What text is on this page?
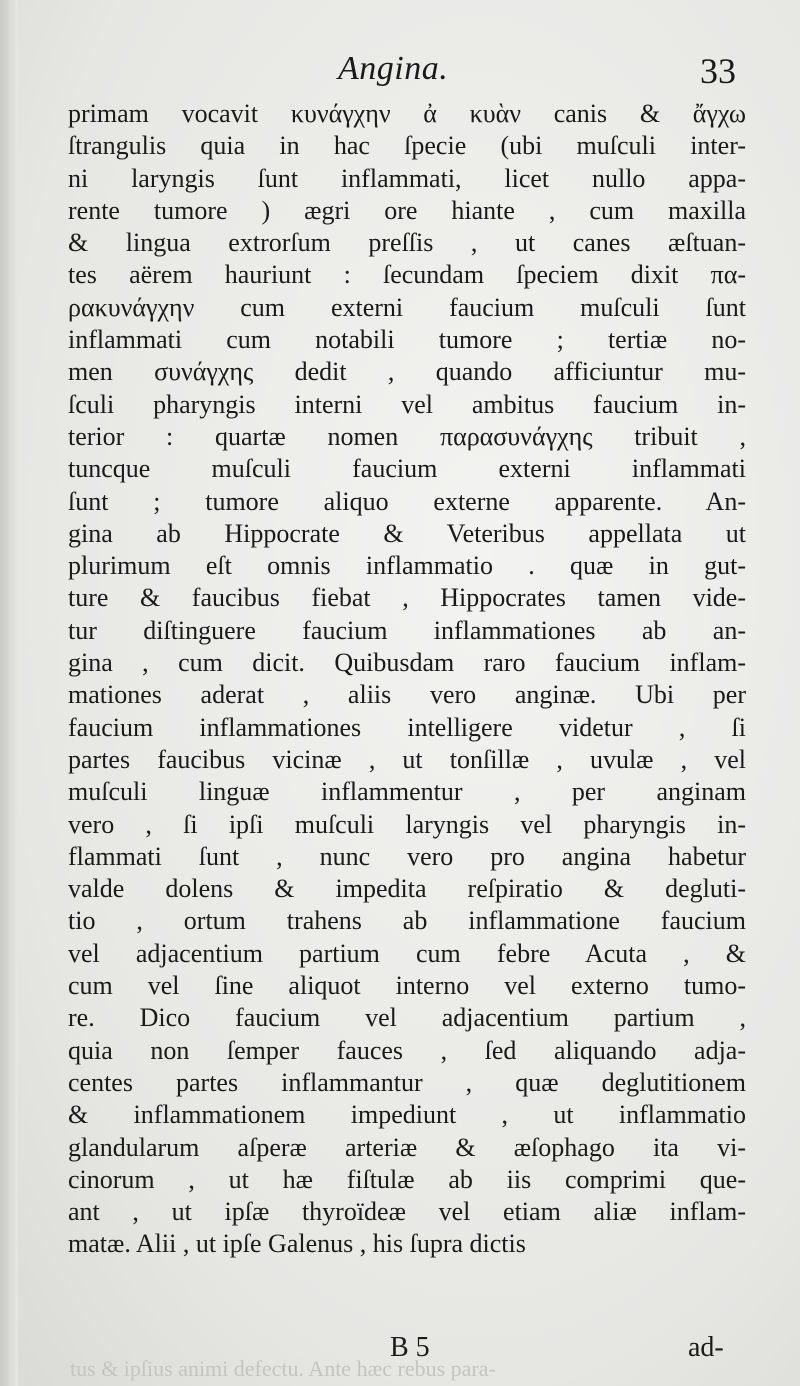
Angina.	33
primam vocavit κυνάγχην ἀ κυὰν canis & ἄγχω
ſtrangulis quia in hac ſpecie (ubi muſculi inter-
ni laryngis ſunt inflammati, licet nullo appa-
rente tumore ) ægri ore hiante , cum maxilla
& lingua extrorſum preſſis , ut canes æſtuan-
tes aërem hauriunt : ſecundam ſpeciem dixit πα-
ρακυνάγχην cum externi faucium muſculi ſunt
inflammati cum notabili tumore ; tertiæ no-
men συνάγχης dedit , quando afficiuntur mu-
ſculi pharyngis interni vel ambitus faucium in-
terior : quartæ nomen παρασυνάγχης tribuit ,
tuncque muſculi faucium externi inflammati
ſunt ; tumore aliquo externe apparente. An-
gina ab Hippocrate & Veteribus appellata ut
plurimum eſt omnis inflammatio . quæ in gut-
ture & faucibus fiebat , Hippocrates tamen vide-
tur diſtinguere faucium inflammationes ab an-
gina , cum dicit. Quibusdam raro faucium inflam-
mationes aderat , aliis vero anginæ. Ubi per
faucium inflammationes intelligere videtur , ſi
partes faucibus vicinæ , ut tonſillæ , uvulæ , vel
muſculi linguæ inflammentur , per anginam
vero , ſi ipſi muſculi laryngis vel pharyngis in-
flammati ſunt , nunc vero pro angina habetur
valde dolens & impedita reſpiratio & degluti-
tio , ortum trahens ab inflammatione faucium
vel adjacentium partium cum febre Acuta , &
cum vel ſine aliquot interno vel externo tumo-
re. Dico faucium vel adjacentium partium ,
quia non ſemper fauces , ſed aliquando adja-
centes partes inflammantur , quæ deglutitionem
& inflammationem impediunt , ut inflammatio
glandularum aſperæ arteriæ & æſophago ita vi-
cinorum , ut hæ fiſtulæ ab iis comprimi que-
ant , ut ipſæ thyroïdeæ vel etiam aliæ inflam-
matæ. Alii , ut ipſe Galenus , his ſupra dictis
tus & ipſius animi defectu. Ante hæc rebus para-
B 5	ad-
